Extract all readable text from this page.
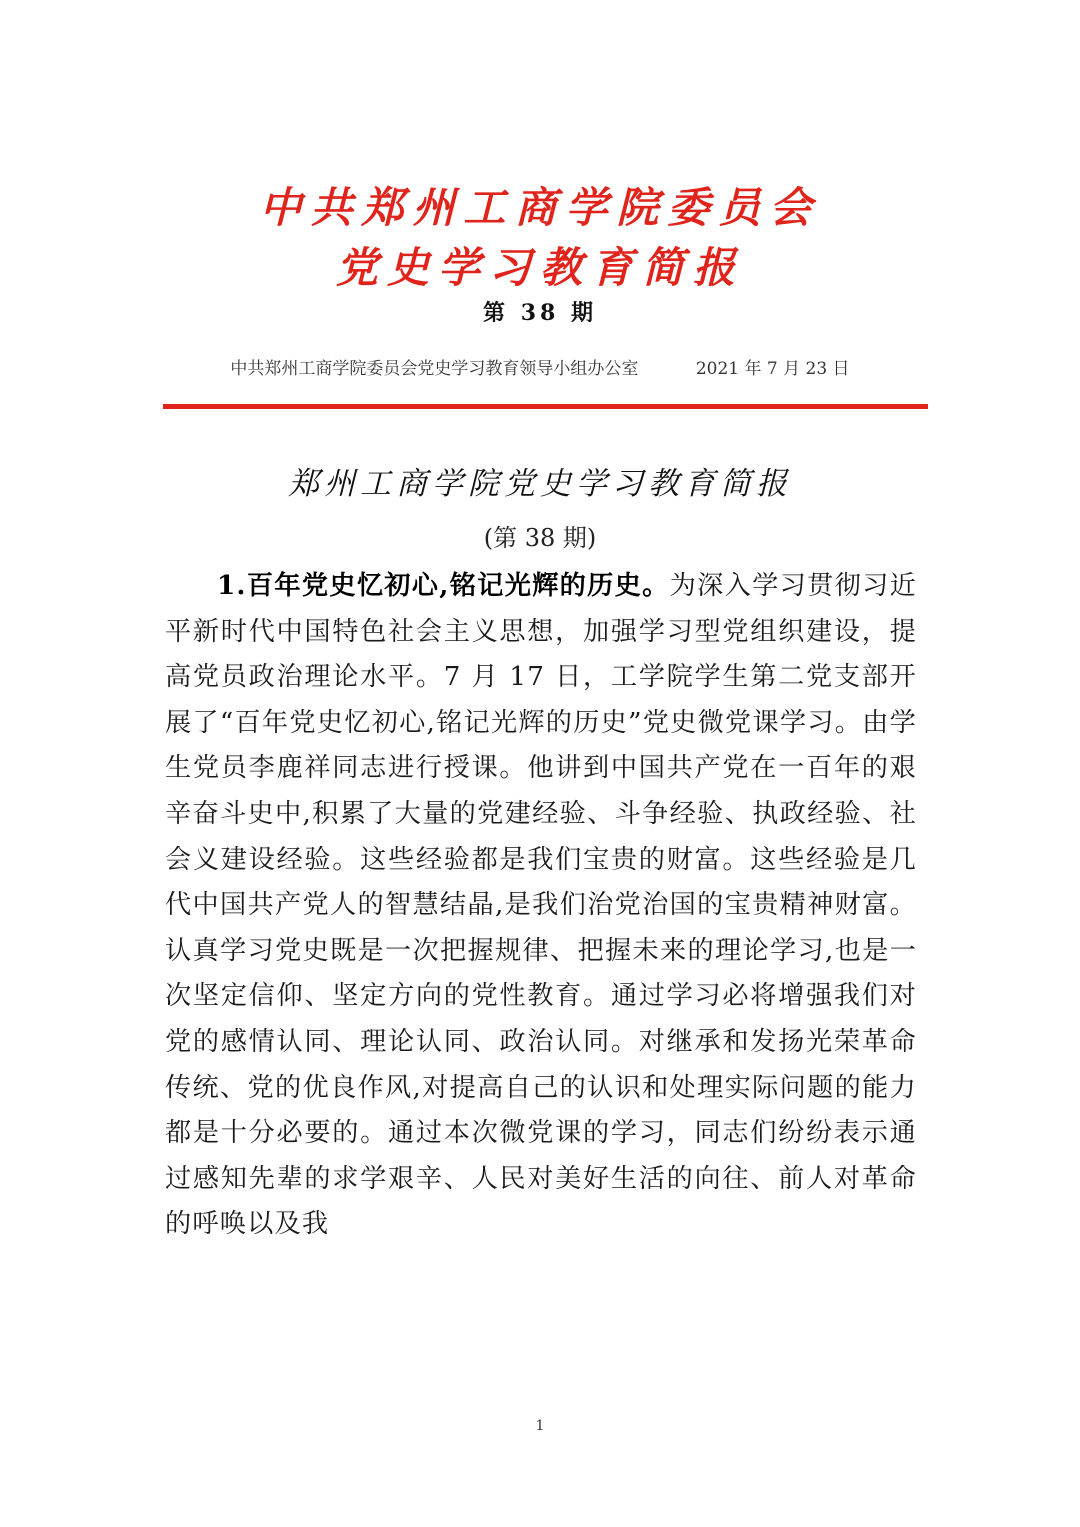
中共郑州工商学院委员会
党史学习教育简报
第 38 期
中共郑州工商学院委员会党史学习教育领导小组办公室	2021 年 7 月 23 日
郑州工商学院党史学习教育简报
(第 38 期)

1.百年党史忆初心,铭记光辉的历史。为深入学习贯彻习近平新时代中国特色社会主义思想，加强学习型党组织建设，提高党员政治理论水平。7 月 17 日，工学院学生第二党支部开展了“百年党史忆初心,铭记光辉的历史”党史微党课学习。由学生党员李鹿祥同志进行授课。他讲到中国共产党在一百年的艰辛奋斗史中,积累了大量的党建经验、斗争经验、执政经验、社会义建设经验。这些经验都是我们宝贵的财富。这些经验是几代中国共产党人的智慧结晶,是我们治党治国的宝贵精神财富。认真学习党史既是一次把握规律、把握未来的理论学习,也是一次坚定信仰、坚定方向的党性教育。通过学习必将增强我们对党的感情认同、理论认同、政治认同。对继承和发扬光荣革命传统、党的优良作风,对提高自己的认识和处理实际问题的能力都是十分必要的。通过本次微党课的学习，同志们纷纷表示通过感知先辈的求学艰辛、人民对美好生活的向往、前人对革命的呼唤以及我

1
